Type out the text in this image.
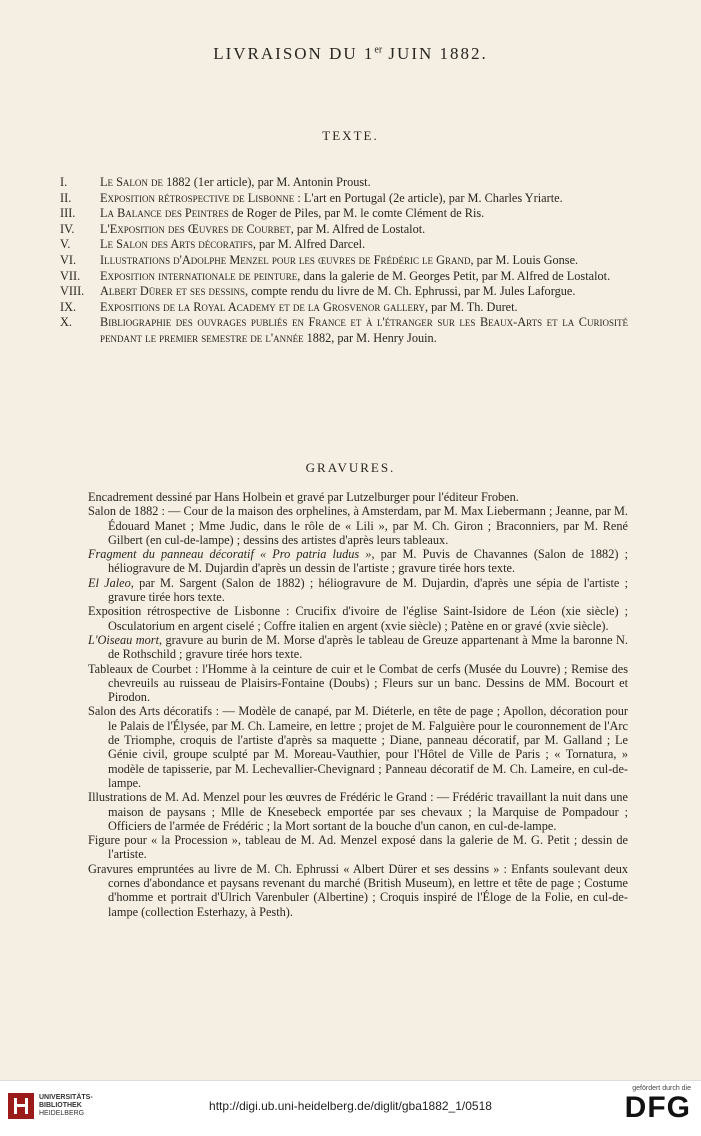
LIVRAISON DU 1er JUIN 1882.
TEXTE.
I.	Le Salon de 1882 (1er article), par M. Antonin Proust.
II.	Exposition rétrospective de Lisbonne : L'art en Portugal (2e article), par M. Charles Yriarte.
III.	La Balance des Peintres de Roger de Piles, par M. le comte Clément de Ris.
IV.	L'Exposition des Œuvres de Courbet, par M. Alfred de Lostalot.
V.	Le Salon des Arts décoratifs, par M. Alfred Darcel.
VI.	Illustrations d'Adolphe Menzel pour les œuvres de Frédéric le Grand, par M. Louis Gonse.
VII.	Exposition internationale de peinture, dans la galerie de M. Georges Petit, par M. Alfred de Lostalot.
VIII.	Albert Dürer et ses dessins, compte rendu du livre de M. Ch. Ephrussi, par M. Jules Laforgue.
IX.	Expositions de la Royal Academy et de la Grosvenor gallery, par M. Th. Duret.
X.	Bibliographie des ouvrages publiés en France et à l'étranger sur les Beaux-Arts et la Curiosité pendant le premier semestre de l'année 1882, par M. Henry Jouin.
GRAVURES.
Encadrement dessiné par Hans Holbein et gravé par Lutzelburger pour l'éditeur Froben.
Salon de 1882 : — Cour de la maison des orphelines, à Amsterdam, par M. Max Liebermann ; Jeanne, par M. Édouard Manet ; Mme Judic, dans le rôle de « Lili », par M. Ch. Giron ; Braconniers, par M. René Gilbert (en cul-de-lampe) ; dessins des artistes d'après leurs tableaux.
Fragment du panneau décoratif « Pro patria ludus », par M. Puvis de Chavannes (Salon de 1882) ; héliogravure de M. Dujardin d'après un dessin de l'artiste ; gravure tirée hors texte.
El Jaleo, par M. Sargent (Salon de 1882) ; héliogravure de M. Dujardin, d'après une sépia de l'artiste ; gravure tirée hors texte.
Exposition rétrospective de Lisbonne : Crucifix d'ivoire de l'église Saint-Isidore de Léon (xie siècle) ; Osculatorium en argent ciselé ; Coffre italien en argent (xvie siècle) ; Patène en or gravé (xvie siècle).
L'Oiseau mort, gravure au burin de M. Morse d'après le tableau de Greuze appartenant à Mme la baronne N. de Rothschild ; gravure tirée hors texte.
Tableaux de Courbet : l'Homme à la ceinture de cuir et le Combat de cerfs (Musée du Louvre) ; Remise des chevreuils au ruisseau de Plaisirs-Fontaine (Doubs) ; Fleurs sur un banc. Dessins de MM. Bocourt et Pirodon.
Salon des Arts décoratifs : — Modèle de canapé, par M. Diéterle, en tête de page ; Apollon, décoration pour le Palais de l'Élysée, par M. Ch. Lameire, en lettre ; projet de M. Falguière pour le couronnement de l'Arc de Triomphe, croquis de l'artiste d'après sa maquette ; Diane, panneau décoratif, par M. Galland ; Le Génie civil, groupe sculpté par M. Moreau-Vauthier, pour l'Hôtel de Ville de Paris ; « Tornatura, » modèle de tapisserie, par M. Lechevallier-Chevignard ; Panneau décoratif de M. Ch. Lameire, en cul-de-lampe.
Illustrations de M. Ad. Menzel pour les œuvres de Frédéric le Grand : — Frédéric travaillant la nuit dans une maison de paysans ; Mlle de Knesebeck emportée par ses chevaux ; la Marquise de Pompadour ; Officiers de l'armée de Frédéric ; la Mort sortant de la bouche d'un canon, en cul-de-lampe.
Figure pour « la Procession », tableau de M. Ad. Menzel exposé dans la galerie de M. G. Petit ; dessin de l'artiste.
Gravures empruntées au livre de M. Ch. Ephrussi « Albert Dürer et ses dessins » : Enfants soulevant deux cornes d'abondance et paysans revenant du marché (British Museum), en lettre et tête de page ; Costume d'homme et portrait d'Ulrich Varenbuler (Albertine) ; Croquis inspiré de l'Éloge de la Folie, en cul-de-lampe (collection Esterhazy, à Pesth).
UNIVERSITÄTS-
BIBLIOTHEK
HEIDELBERG
http://digi.ub.uni-heidelberg.de/diglit/gba1882_1/0518
gefördert durch die
DFG
